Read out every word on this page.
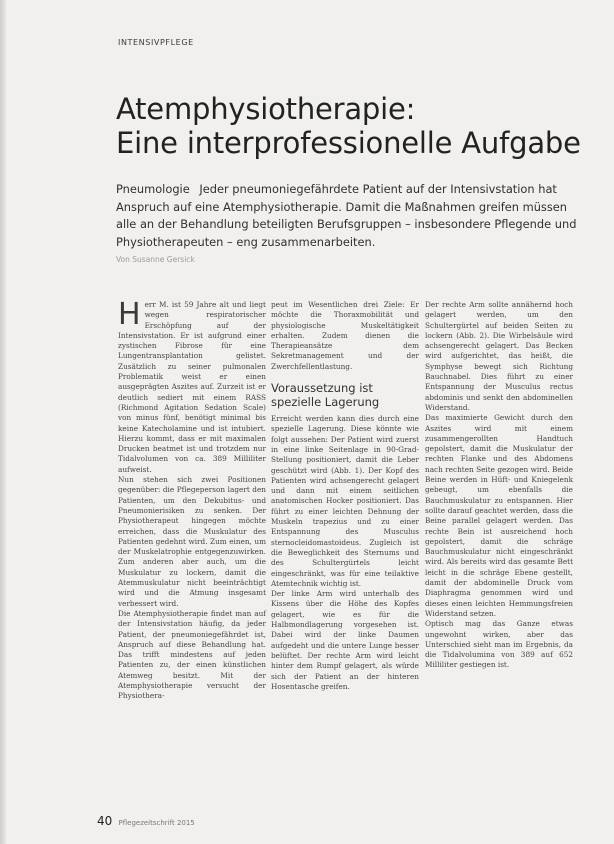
INTENSIVPFLEGE
Atemphysiotherapie:
Eine interprofessionelle Aufgabe
Pneumologie Jeder pneumoniegefährdete Patient auf der Intensivstation hat Anspruch auf eine Atemphysiotherapie. Damit die Maßnahmen greifen müssen alle an der Behandlung beteiligten Berufsgruppen – insbesondere Pflegende und Physiotherapeuten – eng zusammenarbeiten.
Von Susanne Gersick

Herr M. ist 59 Jahre alt und liegt wegen respiratorischer Erschöpfung auf der Intensivstation. Er ist aufgrund einer zystischen Fibrose für eine Lungentransplantation gelistet. Zusätzlich zu seiner pulmonalen Problematik weist er einen ausgeprägten Aszites auf. Zurzeit ist er deutlich sediert mit einem RASS (Richmond Agitation Sedation Scale) von minus fünf, benötigt minimal bis keine Katecholamine und ist intubiert. Hierzu kommt, dass er mit maximalen Drucken beatmet ist und trotzdem nur Tidalvolumen von ca. 389 Milliliter aufweist.

Nun stehen sich zwei Positionen gegenüber: die Pflegeperson lagert den Patienten, um den Dekubitus- und Pneumonierisiken zu senken. Der Physiotherapeut hingegen möchte erreichen, dass die Muskulatur des Patienten gedehnt wird. Zum einen, um der Muskelatrophie entgegenzuwirken. Zum anderen aber auch, um die Muskulatur zu lockern, damit die Atemmuskulatur nicht beeinträchtigt wird und die Atmung insgesamt verbessert wird.

Die Atemphysiotherapie findet man auf der Intensivstation häufig, da jeder Patient, der pneumoniegefährdet ist, Anspruch auf diese Behandlung hat. Das trifft mindestens auf jeden Patienten zu, der einen künstlichen Atemweg besitzt. Mit der Atemphysiotherapie versucht der Physiothera-

peut im Wesentlichen drei Ziele: Er möchte die Thoraxmobilität und physiologische Muskeltätigkeit erhalten. Zudem dienen die Therapieansätze dem Sekretmanagement und der Zwerchfellentlastung.

Voraussetzung ist spezielle Lagerung

Erreicht werden kann dies durch eine spezielle Lagerung. Diese könnte wie folgt aussehen: Der Patient wird zuerst in eine linke Seitenlage in 90-Grad-Stellung positioniert, damit die Leber geschützt wird (Abb. 1). Der Kopf des Patienten wird achsengerecht gelagert und dann mit einem seitlichen anatomischen Hocker positioniert. Das führt zu einer leichten Dehnung der Muskeln trapezius und zu einer Entspannung des Musculus sternocleidomastoideus. Zugleich ist die Beweglichkeit des Sternums und des Schultergürtels leicht eingeschränkt, was für eine teilaktive Atemtechnik wichtig ist.

Der linke Arm wird unterhalb des Kissens über die Höhe des Kopfes gelagert, wie es für die Halbmondlagerung vorgesehen ist. Dabei wird der linke Daumen aufgedeht und die untere Lunge besser belüftet. Der rechte Arm wird leicht hinter dem Rumpf gelagert, als würde sich der Patient an der hinteren Hosentasche greifen.

Der rechte Arm sollte annähernd hoch gelagert werden, um den Schultergürtel auf beiden Seiten zu lockern (Abb. 2). Die Wirbelsäule wird achsengerecht gelagert. Das Becken wird aufgerichtet, das heißt, die Symphyse bewegt sich Richtung Bauchnabel. Dies führt zu einer Entspannung der Musculus rectus abdominis und senkt den abdominellen Widerstand.

Das maximierte Gewicht durch den Aszites wird mit einem zusammengerollten Handtuch gepolstert, damit die Muskulatur der rechten Flanke und des Abdomens nach rechten Seite gezogen wird. Beide Beine werden in Hüft- und Kniegelenk gebeugt, um ebenfalls die Bauchmuskulatur zu entspannen. Hier sollte darauf geachtet werden, dass die Beine parallel gelagert werden. Das rechte Bein ist ausreichend hoch gepolstert, damit die schräge Bauchmuskulatur nicht eingeschränkt wird. Als bereits wird das gesamte Bett leicht in die schräge Ebene gestellt, damit der abdominelle Druck vom Diaphragma genommen wird und dieses einen leichten Hemmungsfreien Widerstand setzen.

Optisch mag das Ganze etwas ungewohnt wirken, aber das Unterschied sieht man im Ergebnis, da die Tidalvolumina von 389 auf 652 Milliliter gestiegen ist.

40 Pflegezeitschrift 2015
